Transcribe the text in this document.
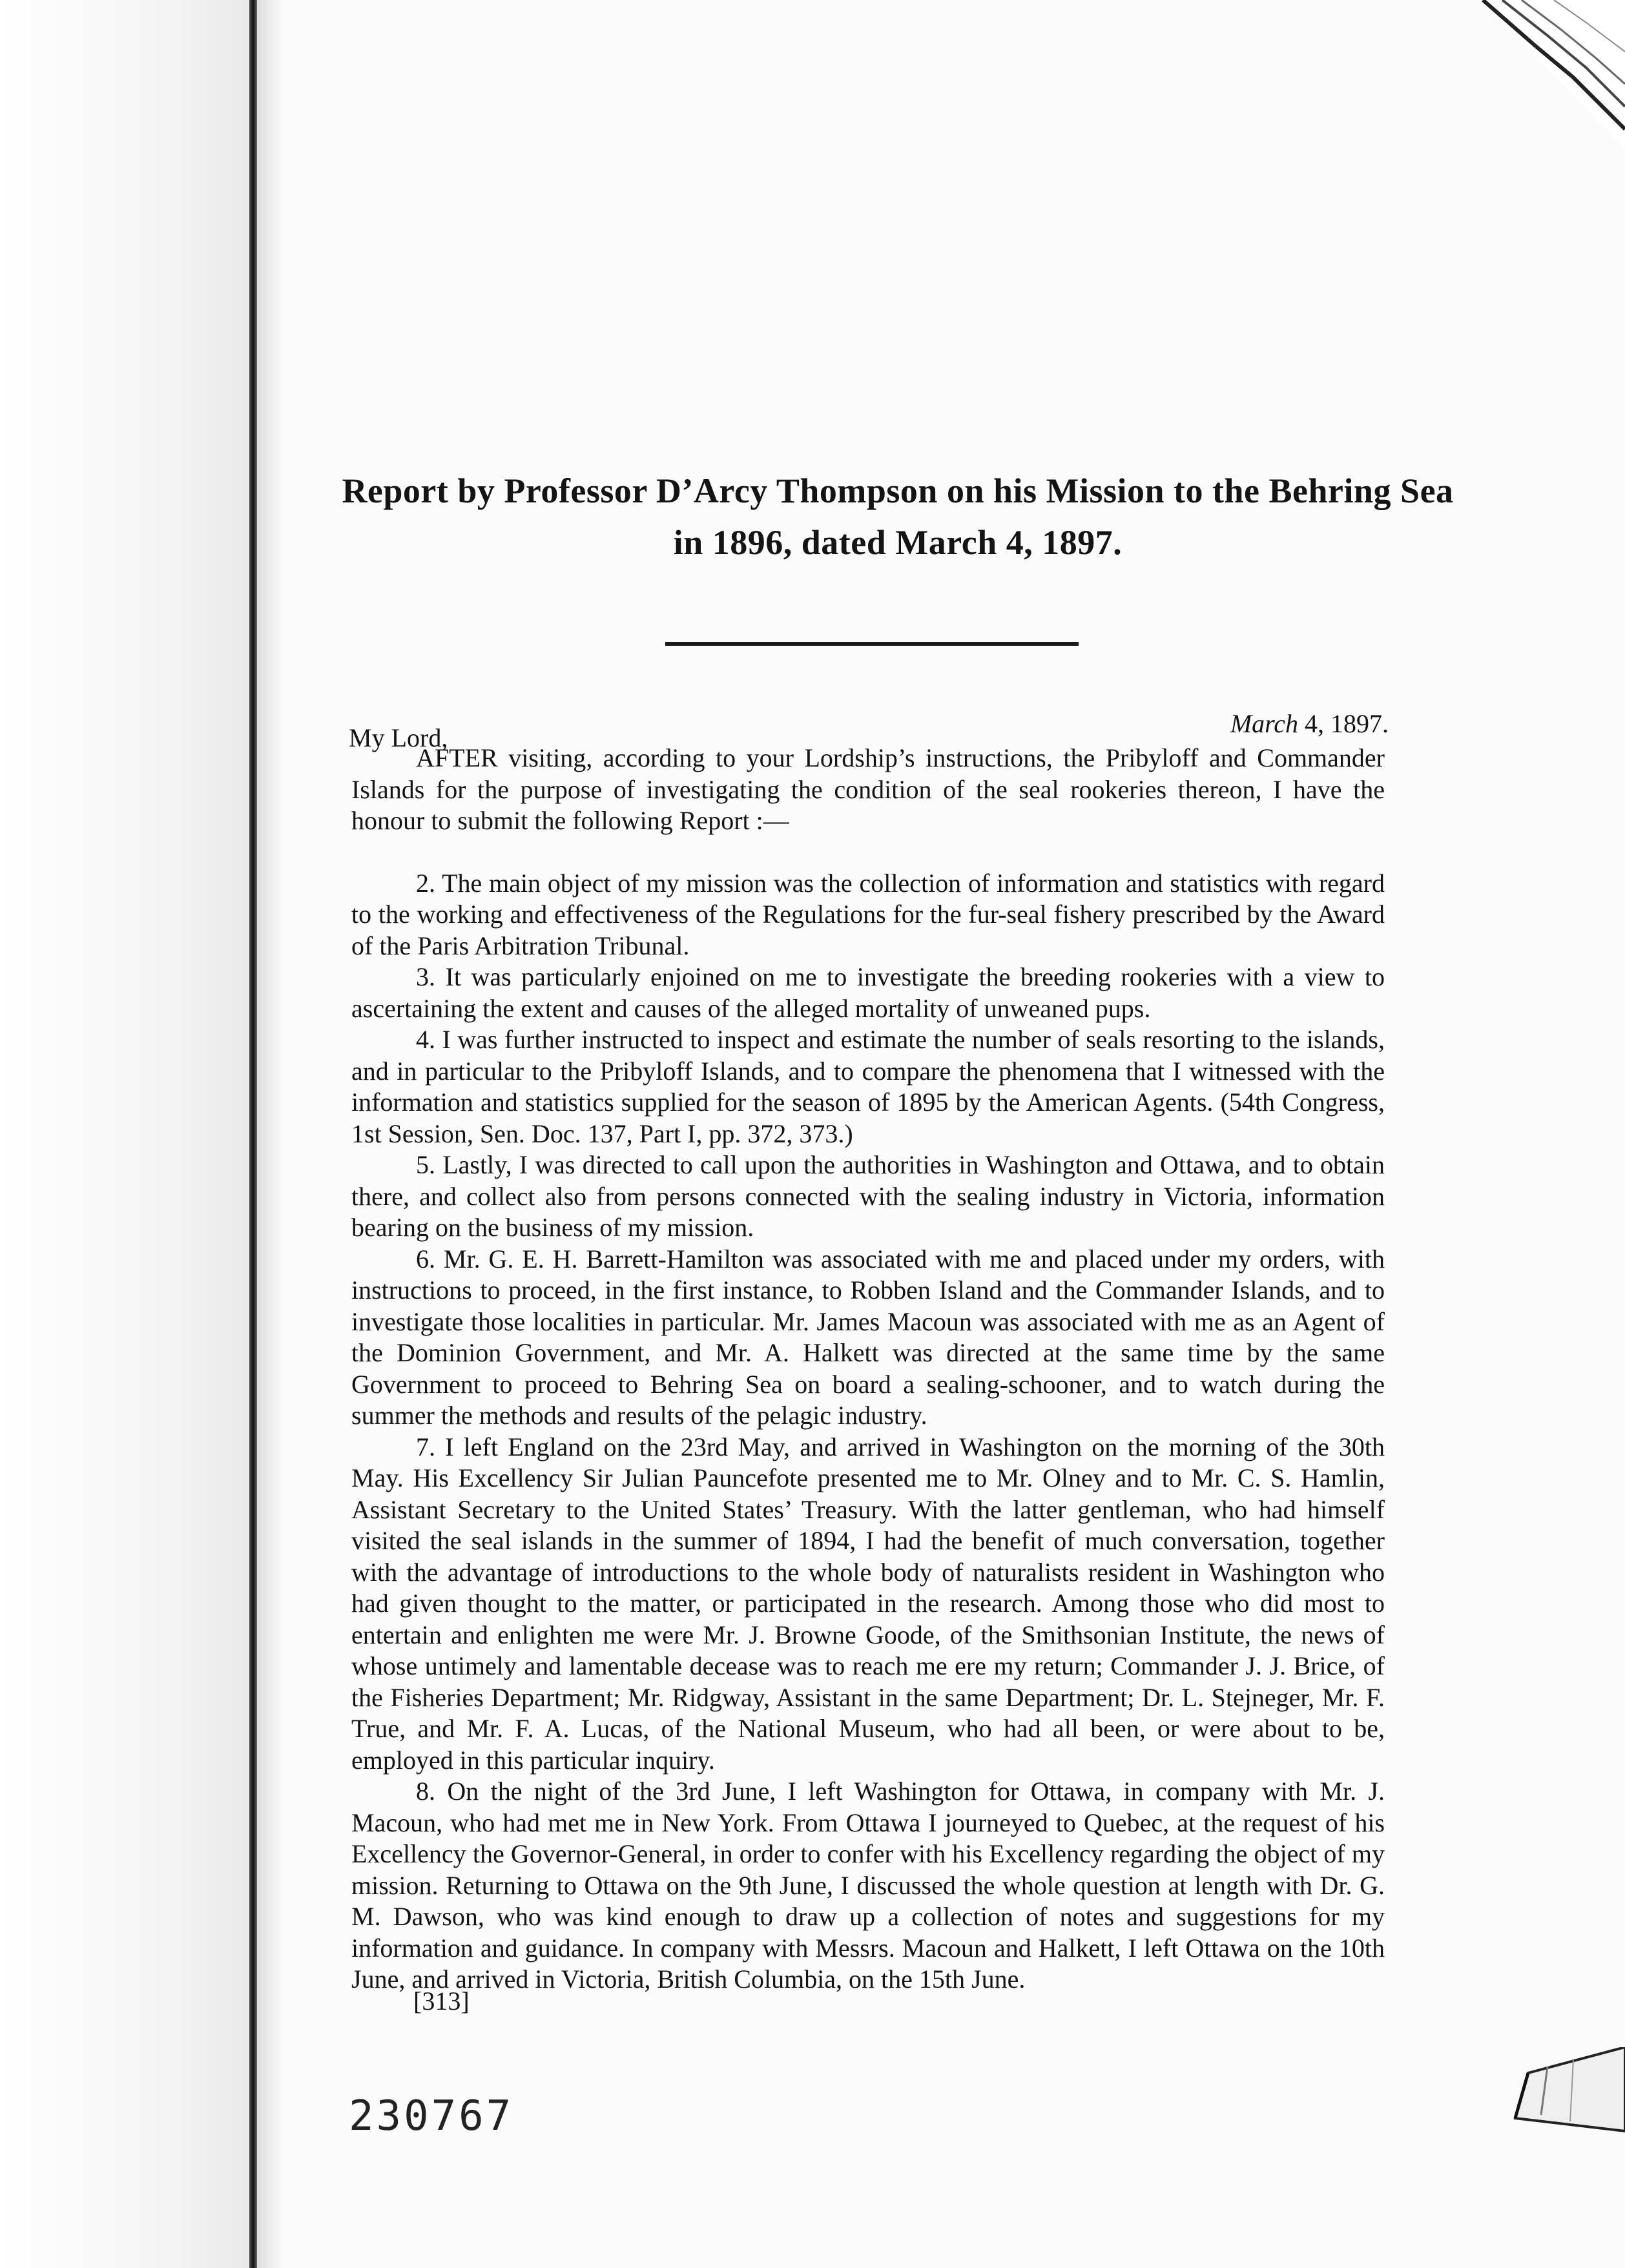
Report by Professor D’Arcy Thompson on his Mission to the Behring Sea in 1896, dated March 4, 1897.
My Lord,	March 4, 1897.

AFTER visiting, according to your Lordship’s instructions, the Pribyloff and Commander Islands for the purpose of investigating the condition of the seal rookeries thereon, I have the honour to submit the following Report :—

2. The main object of my mission was the collection of information and statistics with regard to the working and effectiveness of the Regulations for the fur-seal fishery prescribed by the Award of the Paris Arbitration Tribunal.

3. It was particularly enjoined on me to investigate the breeding rookeries with a view to ascertaining the extent and causes of the alleged mortality of unweaned pups.

4. I was further instructed to inspect and estimate the number of seals resorting to the islands, and in particular to the Pribyloff Islands, and to compare the phenomena that I witnessed with the information and statistics supplied for the season of 1895 by the American Agents. (54th Congress, 1st Session, Sen. Doc. 137, Part I, pp. 372, 373.)

5. Lastly, I was directed to call upon the authorities in Washington and Ottawa, and to obtain there, and collect also from persons connected with the sealing industry in Victoria, information bearing on the business of my mission.

6. Mr. G. E. H. Barrett-Hamilton was associated with me and placed under my orders, with instructions to proceed, in the first instance, to Robben Island and the Commander Islands, and to investigate those localities in particular. Mr. James Macoun was associated with me as an Agent of the Dominion Government, and Mr. A. Halkett was directed at the same time by the same Government to proceed to Behring Sea on board a sealing-schooner, and to watch during the summer the methods and results of the pelagic industry.

7. I left England on the 23rd May, and arrived in Washington on the morning of the 30th May. His Excellency Sir Julian Pauncefote presented me to Mr. Olney and to Mr. C. S. Hamlin, Assistant Secretary to the United States’ Treasury. With the latter gentleman, who had himself visited the seal islands in the summer of 1894, I had the benefit of much conversation, together with the advantage of introductions to the whole body of naturalists resident in Washington who had given thought to the matter, or participated in the research. Among those who did most to entertain and enlighten me were Mr. J. Browne Goode, of the Smithsonian Institute, the news of whose untimely and lamentable decease was to reach me ere my return; Commander J. J. Brice, of the Fisheries Department; Mr. Ridgway, Assistant in the same Department; Dr. L. Stejneger, Mr. F. True, and Mr. F. A. Lucas, of the National Museum, who had all been, or were about to be, employed in this particular inquiry.

8. On the night of the 3rd June, I left Washington for Ottawa, in company with Mr. J. Macoun, who had met me in New York. From Ottawa I journeyed to Quebec, at the request of his Excellency the Governor-General, in order to confer with his Excellency regarding the object of my mission. Returning to Ottawa on the 9th June, I discussed the whole question at length with Dr. G. M. Dawson, who was kind enough to draw up a collection of notes and suggestions for my information and guidance. In company with Messrs. Macoun and Halkett, I left Ottawa on the 10th June, and arrived in Victoria, British Columbia, on the 15th June.

[313]
230767
